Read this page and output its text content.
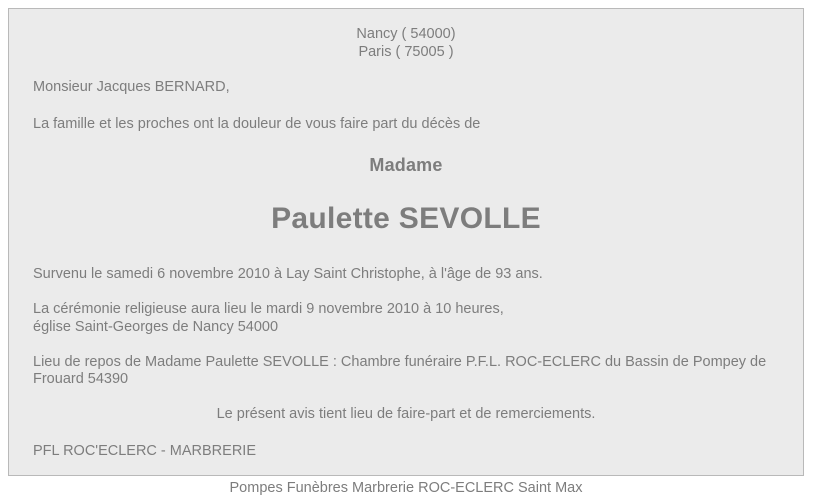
Nancy ( 54000)
Paris ( 75005 )
Monsieur Jacques BERNARD,
La famille et les proches ont la douleur de vous faire part du décès de
Madame
Paulette SEVOLLE
Survenu le samedi 6 novembre 2010 à Lay Saint Christophe, à l'âge de 93 ans.
La cérémonie religieuse aura lieu le mardi 9 novembre 2010 à 10 heures,
église Saint-Georges de Nancy 54000
Lieu de repos de Madame Paulette SEVOLLE : Chambre funéraire P.F.L. ROC-ECLERC du Bassin de Pompey de
Frouard 54390
Le présent avis tient lieu de faire-part et de remerciements.
PFL ROC'ECLERC - MARBRERIE
Pompes Funèbres Marbrerie ROC-ECLERC Saint Max
